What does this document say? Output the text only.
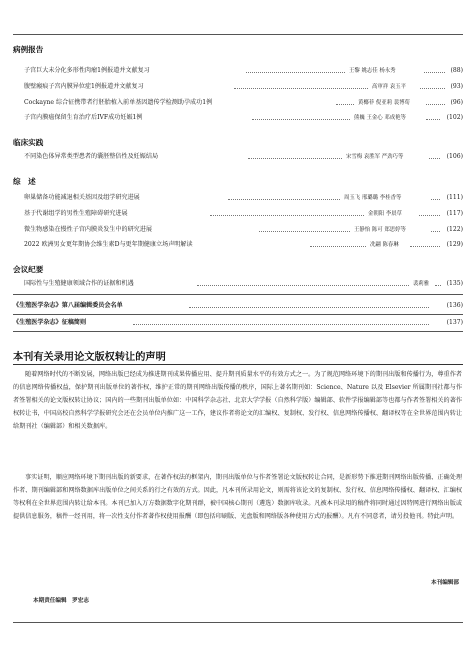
病例报告
子宫巨大未分化多形性肉瘤1例报道并文献复习	王黎 姚志佳 杨永秀	(88)
腹壁瘢痕子宫内膜异位症1例报道并文献复习	高审祥 袁玉平	(93)
Cockayne 综合征携带者行胚胎植入前单基因遗传学检测助孕成功1例	黄椰菲 倪亚莉 裴博荀	(96)
子宫内膜癌保留生育治疗后IVF成功妊娠1例	熊巍 王金心 邓成艳等	(102)
临床实践
不同染色体异常类型患者的囊胚整倍性及妊娠结局	宋雪梅 袁胜军 严劲巧等	(106)
综　述
卵巢储备功能减退相关基因及组学研究进展	周玉飞 邢璐璐 李桂香等	(111)
基于代谢组学的男性生殖障碍研究进展	金朝阳 李晨草	(117)
微生物感染在慢性子宫内膜炎发生中的研究进展	王静怡 陈可 郑思婷等	(122)
2022 欧洲男女更年期协会维生素D与更年期健康立场声明解读	冼翩 陈春琳	(129)
会议纪要
国际性与生殖健康领域合作的证据和机遇	裴莉雅	(135)
《生殖医学杂志》第八届编辑委员会名单	(136)
《生殖医学杂志》征稿简则	(137)
本刊有关录用论文版权转让的声明
随着网络时代的不断发展，网络出版已经成为推进期刊成果传播应用、提升期刊质量水平的有效方式之一。为了规范网络环境下的期刊出版和传播行为，尊重作者的信息网络传播权益，保护期刊出版单位的著作权，维护正常的期刊网络出版传播的秩序，国际上著名期刊如：Science、Nature 以及 Elsevier 所属期刊社都与作者签署相关的论文版权转让协议；国内的一些期刊出版单位如：中国科学杂志社、北京大学学报（自然科学版）编辑部、软件学报编辑部等也都与作者签署相关的著作权转让书，中国高校自然科学学报研究会还在会员单位内推广这一工作，建议作者将论文的汇编权、复制权、发行权、信息网络传播权、翻译权等在全世界范围内转让给期刊社（编辑部）和相关数据库。
事实证明，顺应网络环境下期刊出版的新要求，在著作权法的框架内，期刊出版单位与作者签署论文版权转让合同，是新形势下推进期刊网络出版传播、正确处理作者、期刊编辑部和网络数据库出版单位之间关系的行之有效的方式。因此，凡本刊所录用论文，则需将该论文的复制权、发行权、信息网络传播权、翻译权、汇编权等权利在全世界范围内转让给本刊。本刊已加入万方数据数字化期刊群，被中国核心期刊（遴选）数据库收录。凡被本刊录用的稿件将同时通过因特网进行网络出版或提供信息服务，稿件一经刊用，将一次性支付作者著作权使用报酬（即包括印刷版、光盘版和网络版各种使用方式的报酬）。凡有不同意者，请另投他刊。特此声明。
本刊编辑部
本期责任编辑　罗宏志
